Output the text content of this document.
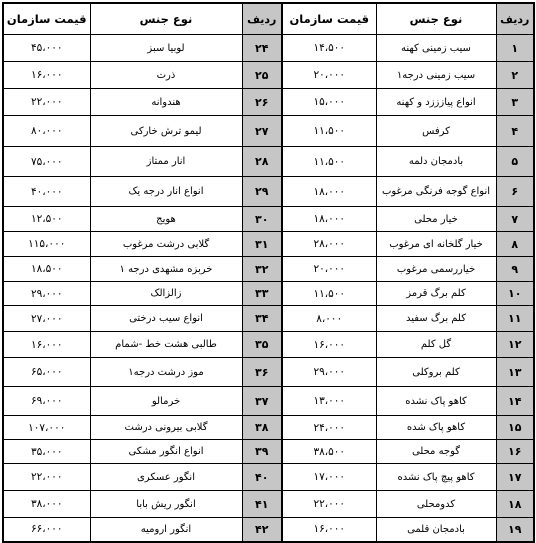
ردیف	نوع جنس	قیمت سازمان	ردیف	نوع جنس	قیمت سازمان
۱	سیب زمینی کهنه	۱۴،۵۰۰	۲۴	لوبیا سبز	۴۵،۰۰۰
۲	سیب زمینی درجه۱	۲۰،۰۰۰	۲۵	ذرت	۱۶،۰۰۰
۳	انواع پیازززد و کهنه	۱۵،۰۰۰	۲۶	هندوانه	۲۲،۰۰۰
۴	کرفس	۱۱،۵۰۰	۲۷	لیمو ترش خارکی	۸۰،۰۰۰
۵	بادمجان دلمه	۱۱،۵۰۰	۲۸	انار ممتاز	۷۵،۰۰۰
۶	انواع گوجه فرنگی مرغوب	۱۸،۰۰۰	۲۹	انواع انار درجه یک	۴۰،۰۰۰
۷	خیار محلی	۱۸،۰۰۰	۳۰	هویج	۱۲،۵۰۰
۸	خیار گلخانه ای مرغوب	۲۸،۰۰۰	۳۱	گلابی درشت مرغوب	۱۱۵،۰۰۰
۹	خیاررسمی مرغوب	۲۰،۰۰۰	۳۲	خربزه مشهدی درجه ۱	۱۸،۵۰۰
۱۰	کلم برگ قرمز	۱۱،۵۰۰	۳۳	زالزالک	۲۹،۰۰۰
۱۱	کلم برگ سفید	۸،۰۰۰	۳۴	انواع سیب درختی	۲۷،۰۰۰
۱۲	گل کلم	۱۶،۰۰۰	۳۵	طالبی هشت خط -شمام	۱۶،۰۰۰
۱۳	کلم بروکلی	۲۹،۰۰۰	۳۶	موز درشت درجه۱	۶۵،۰۰۰
۱۴	کاهو پاک نشده	۱۳،۰۰۰	۳۷	خرمالو	۶۹،۰۰۰
۱۵	کاهو پاک شده	۲۴،۰۰۰	۳۸	گلابی بیرونی درشت	۱۰۷،۰۰۰
۱۶	گوجه محلی	۳۸،۵۰۰	۳۹	انواع انگور مشکی	۳۵،۰۰۰
۱۷	کاهو پیچ پاک نشده	۱۷،۰۰۰	۴۰	انگور عسکری	۲۲،۰۰۰
۱۸	کدومحلی	۲۲،۰۰۰	۴۱	انگور ریش بابا	۳۸،۰۰۰
۱۹	بادمجان قلمی	۱۶،۰۰۰	۴۲	انگور ارومیه	۶۶،۰۰۰
